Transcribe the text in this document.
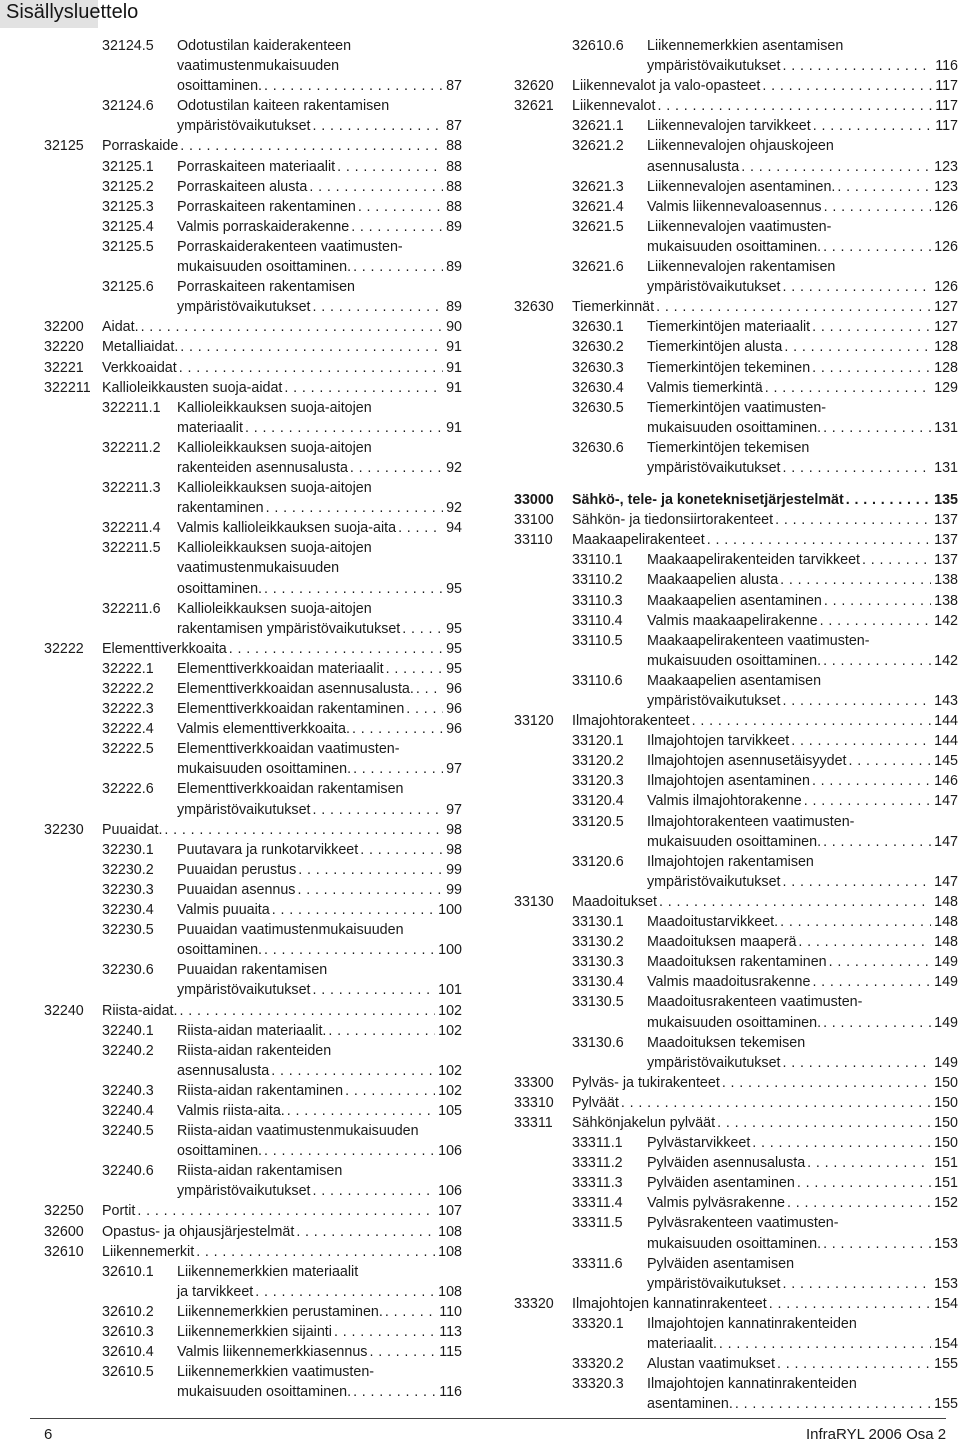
Sisällysluettelo
32124.5 Odotustilan kaiderakenteen
vaatimustenmukaisuuden
osoittaminen. . . .	87
32124.6 Odotustilan kaiteen rakentamisen
ympäristövaikutukset . . .	87
32125 Porraskaide . . .	88
32125.1 Porraskaiteen materiaalit . . .	88
32125.2 Porraskaiteen alusta . . .	88
32125.3 Porraskaiteen rakentaminen . . .	88
32125.4 Valmis porraskaiderakenne . . .	89
32125.5 Porraskaiderakenteen vaatimusten-
mukaisuuden osoittaminen. . . .	89
32125.6 Porraskaiteen rakentamisen
ympäristövaikutukset . . .	89
32200 Aidat. . . .	90
32220 Metalliaidat. . . .	91
32221 Verkkoaidat . . .	91
322211 Kallioleikkausten suoja-aidat . . .	91
322211.1 Kallioleikkauksen suoja-aitojen
materiaalit . . .	91
322211.2 Kallioleikkauksen suoja-aitojen
rakenteiden asennusalusta . . .	92
322211.3 Kallioleikkauksen suoja-aitojen
rakentaminen . . .	92
322211.4 Valmis kallioleikkauksen suoja-aita . . .	94
322211.5 Kallioleikkauksen suoja-aitojen
vaatimustenmukaisuuden
osoittaminen. . . .	95
322211.6 Kallioleikkauksen suoja-aitojen
rakentamisen ympäristövaikutukset . . .	95
32222 Elementtiverkkoaita . . .	95
32222.1 Elementtiverkkoaidan materiaalit . . .	95
32222.2 Elementtiverkkoaidan asennusalusta. . . . 96
32222.3 Elementtiverkkoaidan rakentaminen . . .	96
32222.4 Valmis elementtiverkkoaita. . . .	96
32222.5 Elementtiverkkoaidan vaatimusten-
mukaisuuden osoittaminen. . . .	97
32222.6 Elementtiverkkoaidan rakentamisen
ympäristövaikutukset . . .	97
32230 Puuaidat. . . .	98
32230.1 Puutavara ja runkotarvikkeet . . .	98
32230.2 Puuaidan perustus . . .	99
32230.3 Puuaidan asennus . . .	99
32230.4 Valmis puuaita . . .	100
32230.5 Puuaidan vaatimustenmukaisuuden
osoittaminen. . . .	100
32230.6 Puuaidan rakentamisen
ympäristövaikutukset . . .	101
32240 Riista-aidat. . . .	102
32240.1 Riista-aidan materiaalit. . . .	102
32240.2 Riista-aidan rakenteiden
asennusalusta . . .	102
32240.3 Riista-aidan rakentaminen . . .	102
32240.4 Valmis riista-aita. . . .	105
32240.5 Riista-aidan vaatimustenmukaisuuden
osoittaminen. . . .	106
32240.6 Riista-aidan rakentamisen
ympäristövaikutukset . . .	106
32250 Portit . . .	107
32600 Opastus- ja ohjausjärjestelmät . . .	108
32610 Liikennemerkit . . .	108
32610.1 Liikennemerkkien materiaalit
ja tarvikkeet . . .	108
32610.2 Liikennemerkkien perustaminen. . . .	110
32610.3 Liikennemerkkien sijainti . . .	113
32610.4 Valmis liikennemerkkiasennus . . .	115
32610.5 Liikennemerkkien vaatimusten-
mukaisuuden osoittaminen. . . .	116
32610.6 Liikennemerkkien asentamisen
ympäristövaikutukset . . .	116
32620 Liikennevalot ja valo-opasteet . . .	117
32621 Liikennevalot . . .	117
32621.1 Liikennevalojen tarvikkeet . . .	117
32621.2 Liikennevalojen ohjauskojeen
asennusalusta . . .	123
32621.3 Liikennevalojen asentaminen. . . .	123
32621.4 Valmis liikennevaloasennus . . .	126
32621.5 Liikennevalojen vaatimusten-
mukaisuuden osoittaminen. . . .	126
32621.6 Liikennevalojen rakentamisen
ympäristövaikutukset . . .	126
32630 Tiemerkinnät . . .	127
32630.1 Tiemerkintöjen materiaalit . . .	127
32630.2 Tiemerkintöjen alusta . . .	128
32630.3 Tiemerkintöjen tekeminen . . .	128
32630.4 Valmis tiemerkintä . . .	129
32630.5 Tiemerkintöjen vaatimusten-
mukaisuuden osoittaminen. . . .	131
32630.6 Tiemerkintöjen tekemisen
ympäristövaikutukset . . .	131
33000 Sähkö-, tele- ja koneteknisetjärjestelmät . . .	135
33100 Sähkön- ja tiedonsiirtorakenteet . . .	137
33110 Maakaapelirakenteet . . .	137
33110.1 Maakaapelirakenteiden tarvikkeet . . .	137
33110.2 Maakaapelien alusta . . .	138
33110.3 Maakaapelien asentaminen . . .	138
33110.4 Valmis maakaapelirakenne . . .	142
33110.5 Maakaapelirakenteen vaatimusten-
mukaisuuden osoittaminen. . . .	142
33110.6 Maakaapelien asentamisen
ympäristövaikutukset . . .	143
33120 Ilmajohtorakenteet . . .	144
33120.1 Ilmajohtojen tarvikkeet . . .	144
33120.2 Ilmajohtojen asennusetäisyydet . . .	145
33120.3 Ilmajohtojen asentaminen . . .	146
33120.4 Valmis ilmajohtorakenne . . .	147
33120.5 Ilmajohtorakenteen vaatimusten-
mukaisuuden osoittaminen. . . .	147
33120.6 Ilmajohtojen rakentamisen
ympäristövaikutukset . . .	147
33130 Maadoitukset . . .	148
33130.1 Maadoitustarvikkeet. . . .	148
33130.2 Maadoituksen maaperä . . .	148
33130.3 Maadoituksen rakentaminen . . .	149
33130.4 Valmis maadoitusrakenne . . .	149
33130.5 Maadoitusrakenteen vaatimusten-
mukaisuuden osoittaminen. . . .	149
33130.6 Maadoituksen tekemisen
ympäristövaikutukset . . .	149
33300 Pylväs- ja tukirakenteet . . .	150
33310 Pylväät . . .	150
33311 Sähkönjakelun pylväät . . .	150
33311.1 Pylvästarvikkeet . . .	150
33311.2 Pylväiden asennusalusta . . .	151
33311.3 Pylväiden asentaminen . . .	151
33311.4 Valmis pylväsrakenne . . .	152
33311.5 Pylväsrakenteen vaatimusten-
mukaisuuden osoittaminen. . . .	153
33311.6 Pylväiden asentamisen
ympäristövaikutukset . . .	153
33320 Ilmajohtojen kannatinrakenteet . . .	154
33320.1 Ilmajohtojen kannatinrakenteiden
materiaalit. . . .	154
33320.2 Alustan vaatimukset . . .	155
33320.3 Ilmajohtojen kannatinrakenteiden
asentaminen. . . .	155
6	InfraRYL 2006 Osa 2
